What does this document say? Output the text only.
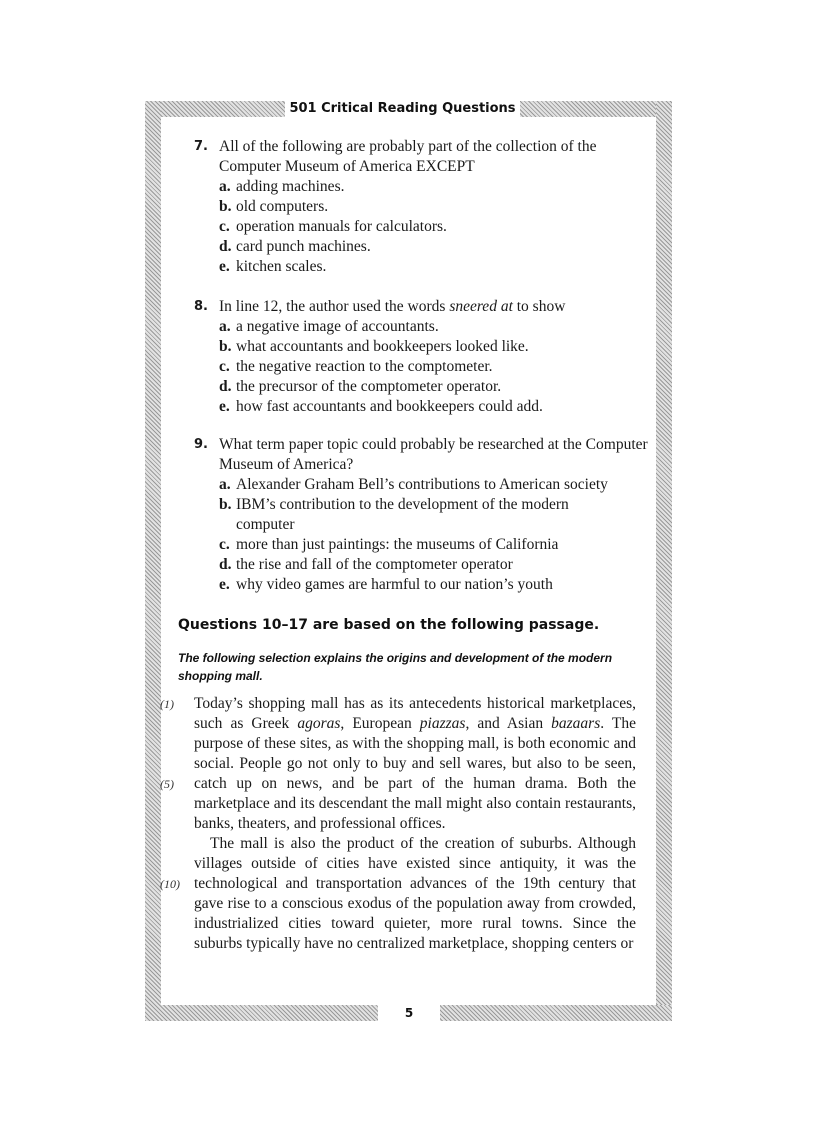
501 Critical Reading Questions
7. All of the following are probably part of the collection of the Computer Museum of America EXCEPT
a. adding machines.
b. old computers.
c. operation manuals for calculators.
d. card punch machines.
e. kitchen scales.
8. In line 12, the author used the words sneered at to show
a. a negative image of accountants.
b. what accountants and bookkeepers looked like.
c. the negative reaction to the comptometer.
d. the precursor of the comptometer operator.
e. how fast accountants and bookkeepers could add.
9. What term paper topic could probably be researched at the Computer Museum of America?
a. Alexander Graham Bell’s contributions to American society
b. IBM’s contribution to the development of the modern computer
c. more than just paintings: the museums of California
d. the rise and fall of the comptometer operator
e. why video games are harmful to our nation’s youth
Questions 10–17 are based on the following passage.
The following selection explains the origins and development of the modern shopping mall.
(1)
(5)
(10)

Today’s shopping mall has as its antecedents historical marketplaces, such as Greek agoras, European piazzas, and Asian bazaars. The purpose of these sites, as with the shopping mall, is both economic and social. People go not only to buy and sell wares, but also to be seen, catch up on news, and be part of the human drama. Both the marketplace and its descendant the mall might also contain restaurants, banks, theaters, and professional offices.

The mall is also the product of the creation of suburbs. Although villages outside of cities have existed since antiquity, it was the technological and transportation advances of the 19th century that gave rise to a conscious exodus of the population away from crowded, industrialized cities toward quieter, more rural towns. Since the suburbs typically have no centralized marketplace, shopping centers or

5
